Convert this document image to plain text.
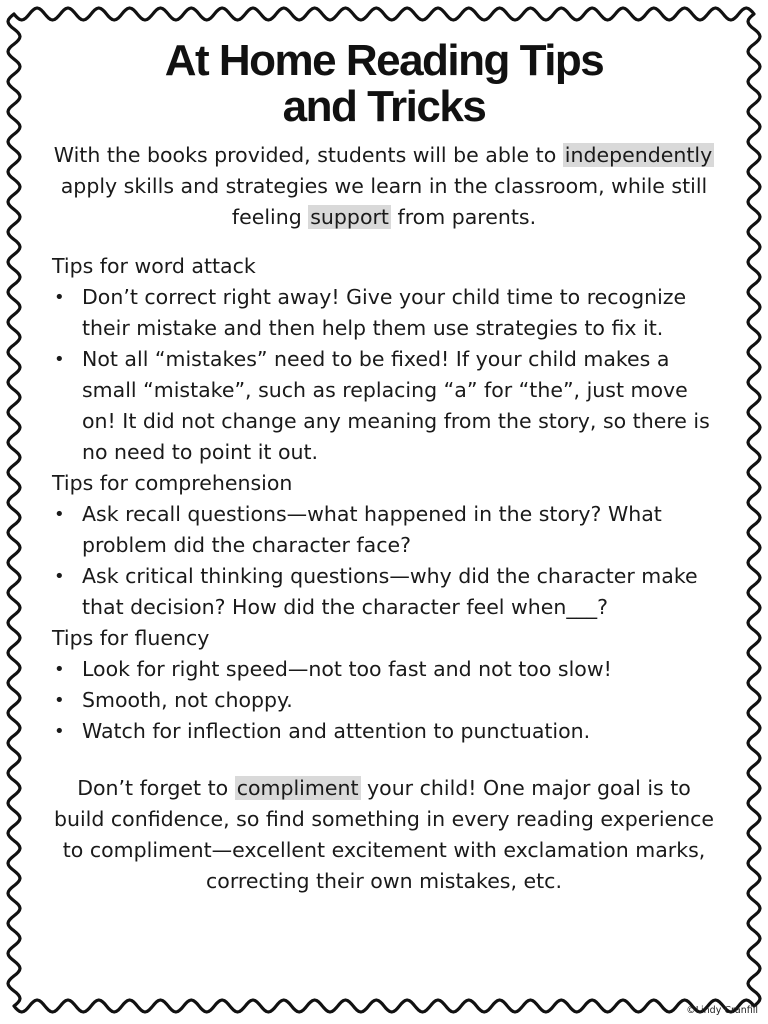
At Home Reading Tips
and Tricks

With the books provided, students will be able to independently apply skills and strategies we learn in the classroom, while still feeling support from parents.

Tips for word attack

• Don’t correct right away! Give your child time to recognize their mistake and then help them use strategies to fix it.
• Not all “mistakes” need to be fixed! If your child makes a small “mistake”, such as replacing “a” for “the”, just move on! It did not change any meaning from the story, so there is no need to point it out.

Tips for comprehension

• Ask recall questions—what happened in the story? What problem did the character face?
• Ask critical thinking questions—why did the character make that decision? How did the character feel when___?

Tips for fluency

• Look for right speed—not too fast and not too slow!
• Smooth, not choppy.
• Watch for inflection and attention to punctuation.

Don’t forget to compliment your child! One major goal is to build confidence, so find something in every reading experience to compliment—excellent excitement with exclamation marks, correcting their own mistakes, etc.

©Lindy Cranfill
